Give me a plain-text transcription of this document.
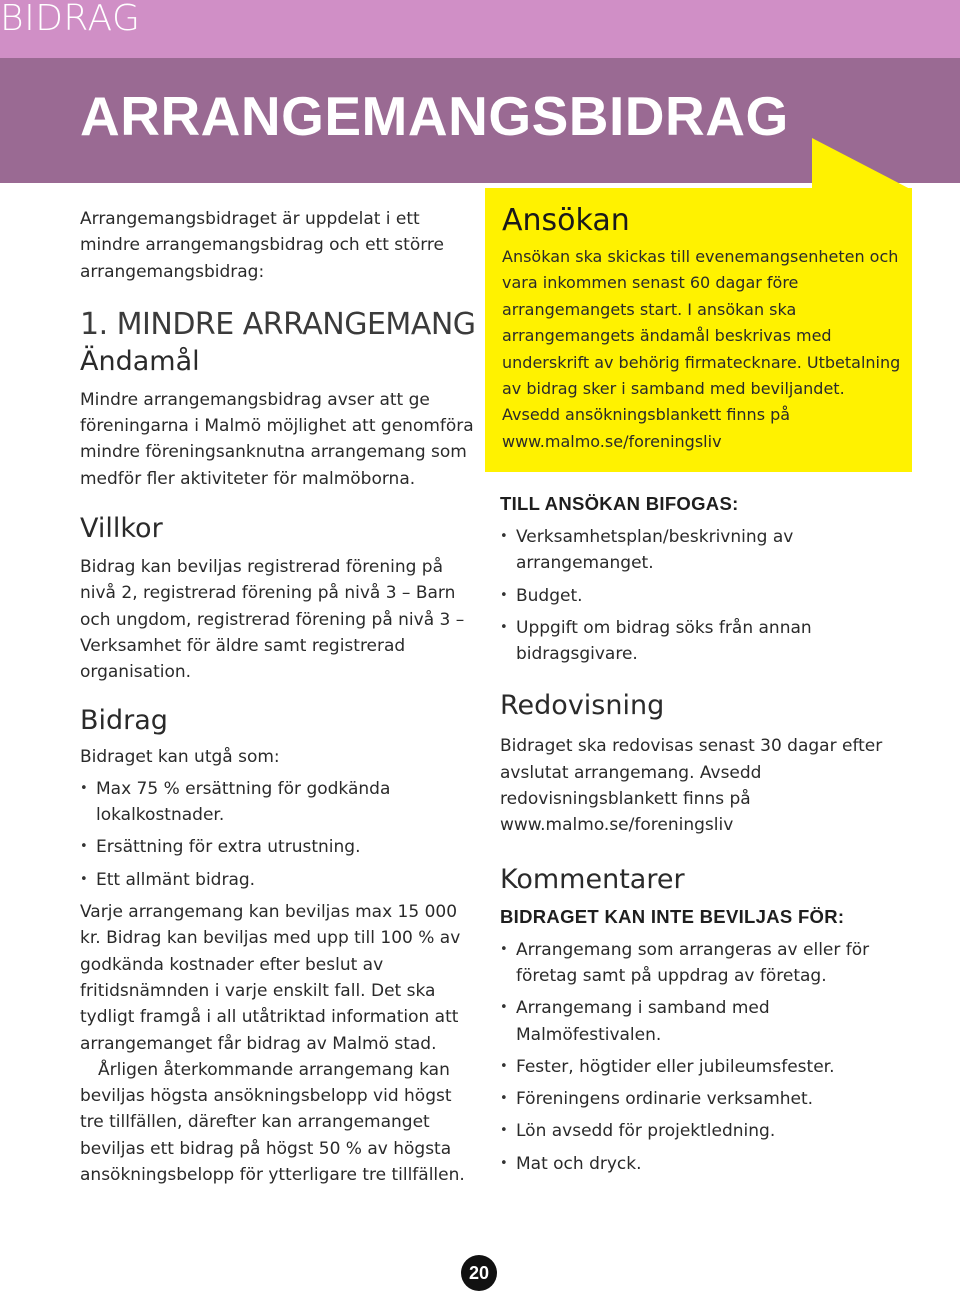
BIDRAG
ARRANGEMANGSBIDRAG

Arrangemangsbidraget är uppdelat i ett mindre arrangemangsbidrag och ett större arrangemangsbidrag:

1. MINDRE ARRANGEMANG
Ändamål

Mindre arrangemangsbidrag avser att ge föreningarna i Malmö möjlighet att genomföra mindre föreningsanknutna arrangemang som medför fler aktiviteter för malmöborna.

Villkor

Bidrag kan beviljas registrerad förening på nivå 2, registrerad förening på nivå 3 – Barn och ungdom, registrerad förening på nivå 3 – Verksamhet för äldre samt registrerad organisation.

Bidrag

Bidraget kan utgå som:

• Max 75 % ersättning för godkända lokalkostnader.
• Ersättning för extra utrustning.
• Ett allmänt bidrag.

Varje arrangemang kan beviljas max 15 000 kr. Bidrag kan beviljas med upp till 100 % av godkända kostnader efter beslut av fritidsnämnden i varje enskilt fall. Det ska tydligt framgå i all utåtriktad information att arrangemanget får bidrag av Malmö stad.

Årligen återkommande arrangemang kan beviljas högsta ansökningsbelopp vid högst tre tillfällen, därefter kan arrangemanget beviljas ett bidrag på högst 50 % av högsta ansökningsbelopp för ytterligare tre tillfällen.

Ansökan

Ansökan ska skickas till evenemangsenheten och vara inkommen senast 60 dagar före arrangemangets start. I ansökan ska arrangemangets ändamål beskrivas med underskrift av behörig firmatecknare. Utbetalning av bidrag sker i samband med beviljandet. Avsedd ansökningsblankett finns på www.malmo.se/foreningsliv

TILL ANSÖKAN BIFOGAS:
• Verksamhetsplan/beskrivning av arrangemanget.
• Budget.
• Uppgift om bidrag söks från annan bidragsgivare.
Redovisning

Bidraget ska redovisas senast 30 dagar efter avslutat arrangemang. Avsedd redovisningsblankett finns på www.malmo.se/foreningsliv

Kommentarer
BIDRAGET KAN INTE BEVILJAS FÖR:
• Arrangemang som arrangeras av eller för företag samt på uppdrag av företag.
• Arrangemang i samband med Malmöfestivalen.
• Fester, högtider eller jubileumsfester.
• Föreningens ordinarie verksamhet.
• Lön avsedd för projektledning.
• Mat och dryck.
20
